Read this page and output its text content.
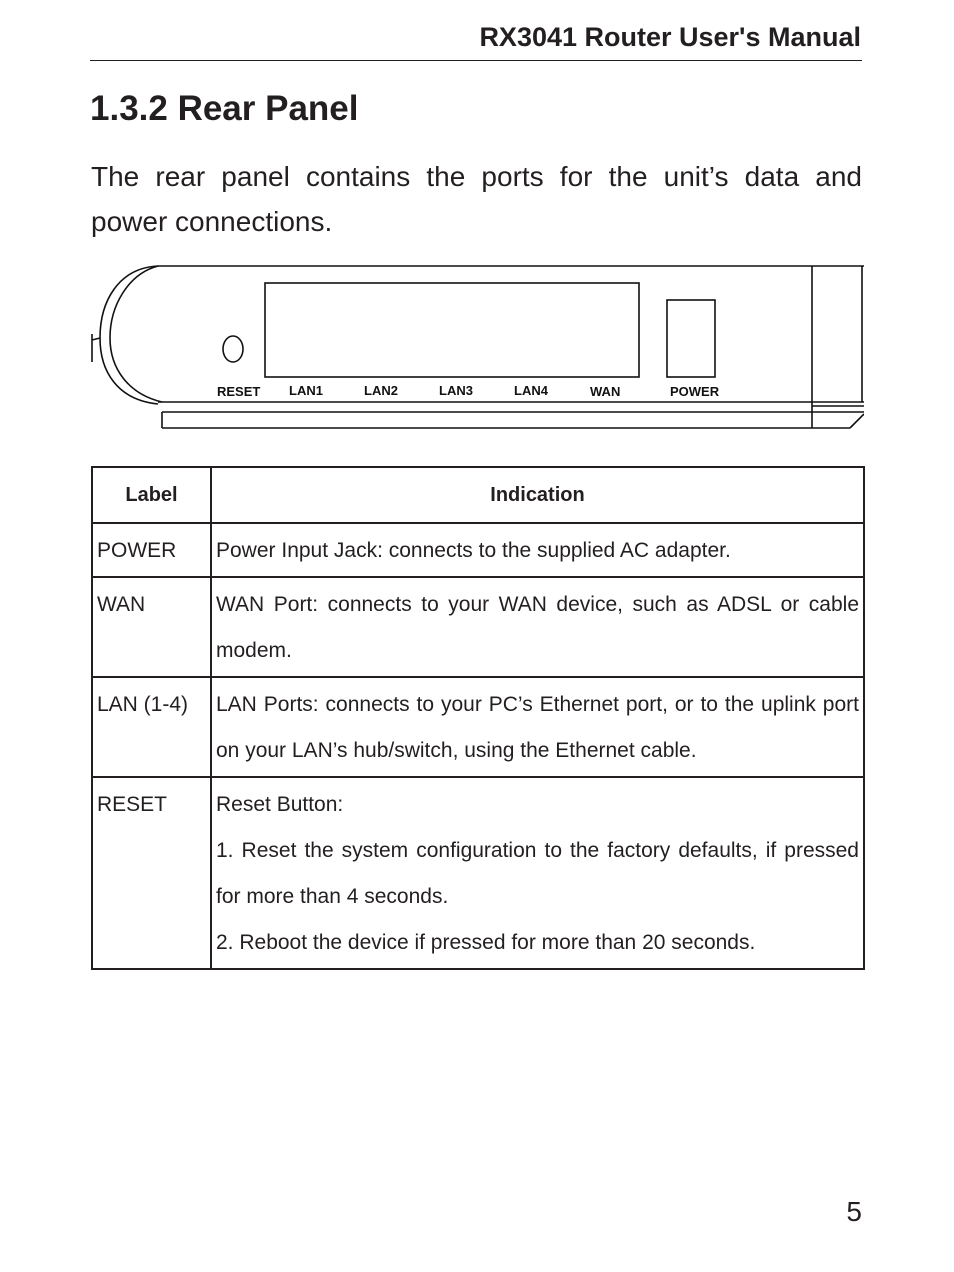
RX3041 Router User's Manual
1.3.2 Rear Panel

The rear panel contains the ports for the unit’s data and power connections.

RESET LAN1	LAN2	LAN3	LAN4	WAN	POWER
Label	Indication
POWER	Power Input Jack: connects to the supplied AC adapter.

WAN	WAN Port: connects to your WAN device, such as ADSL or cable modem.

LAN (1-4)	LAN Ports: connects to your PC’s Ethernet port, or to the uplink port on your LAN’s hub/switch, using the Ethernet cable.

RESET	Reset Button:
1. Reset the system configuration to the factory defaults, if pressed for more than 4 seconds.
2. Reboot the device if pressed for more than 20 seconds.
5
